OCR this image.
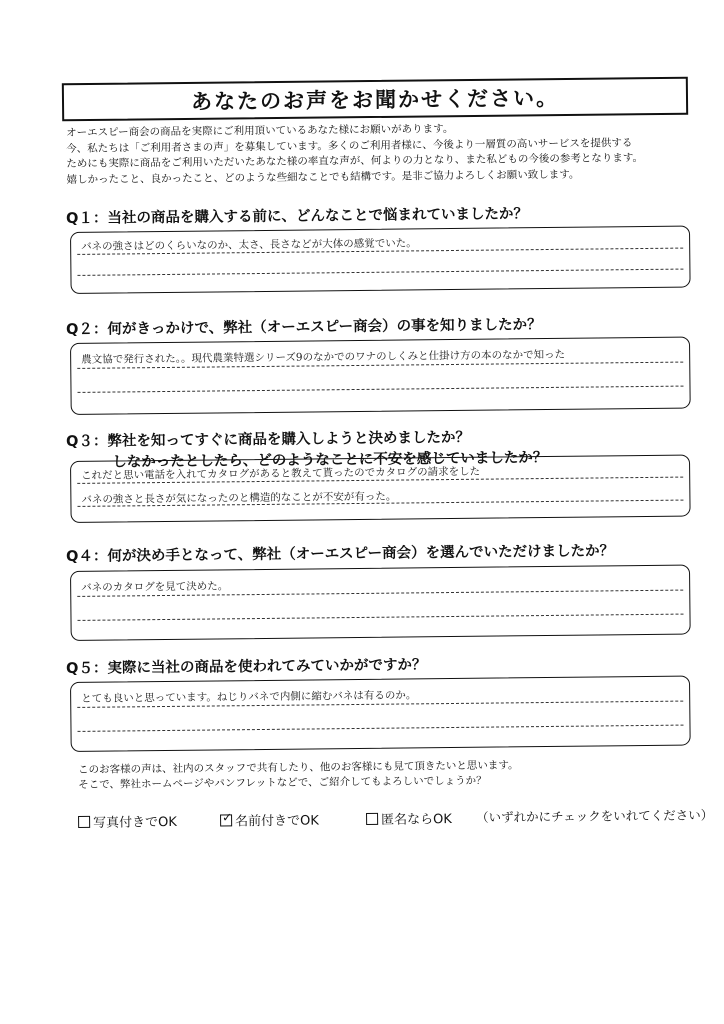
あなたのお声をお聞かせください。
オーエスピー商会の商品を実際にご利用頂いているあなた様にお願いがあります。
今、私たちは「ご利用者さまの声」を募集しています。多くのご利用者様に、今後より一層質の高いサービスを提供する
ためにも実際に商品をご利用いただいたあなた様の率直な声が、何よりの力となり、また私どもの今後の参考となります。
嬉しかったこと、良かったこと、どのような些細なことでも結構です。是非ご協力よろしくお願い致します。
Q１：当社の商品を購入する前に、どんなことで悩まれていましたか？
バネの強さはどのくらいなのか、太さ、長さなどが大体の感覚でいた。
Q２：何がきっかけで、弊社（オーエスピー商会）の事を知りましたか？
農文協で発行された。。現代農業特選シリーズ9のなかでのワナのしくみと仕掛け方の本のなかで知った
Q３：弊社を知ってすぐに商品を購入しようと決めましたか？
しなかったとしたら、どのようなことに不安を感じていましたか？
これだと思い電話を入れてカタログがあると教えて貰ったのでカタログの請求をした
バネの強さと長さが気になったのと構造的なことが不安が有った。
Q４：何が決め手となって、弊社（オーエスピー商会）を選んでいただけましたか？
バネのカタログを見て決めた。
Q５：実際に当社の商品を使われてみていかがですか？
とても良いと思っています。ねじりバネで内側に縮むバネは有るのか。
このお客様の声は、社内のスタッフで共有したり、他のお客様にも見て頂きたいと思います。
そこで、弊社ホームページやパンフレットなどで、ご紹介してもよろしいでしょうか？
写真付きでOK	✓ 名前付きでOK	匿名ならOK （いずれかにチェックをいれてください）
